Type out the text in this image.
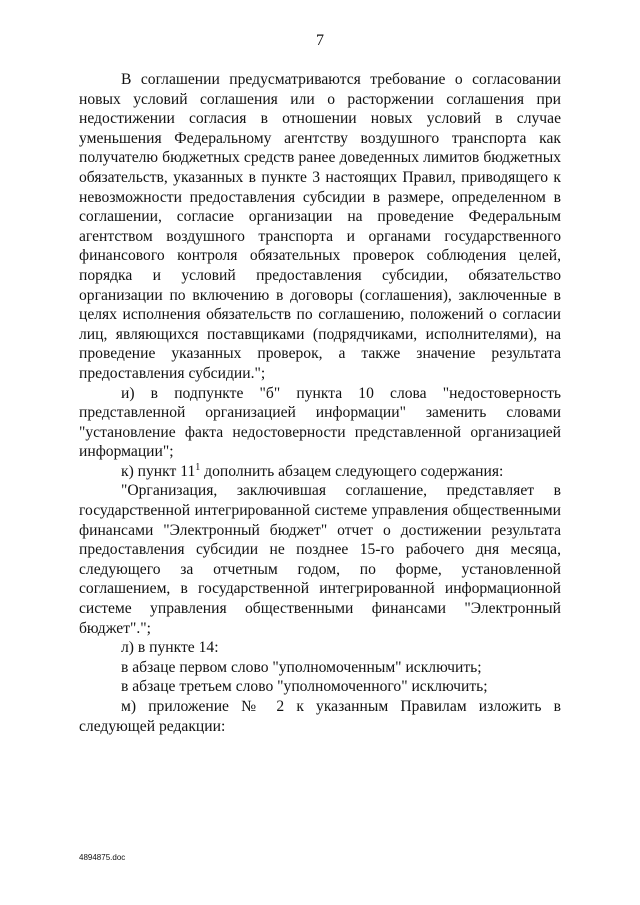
7

В соглашении предусматриваются требование о согласовании новых условий соглашения или о расторжении соглашения при недостижении согласия в отношении новых условий в случае уменьшения Федеральному агентству воздушного транспорта как получателю бюджетных средств ранее доведенных лимитов бюджетных обязательств, указанных в пункте 3 настоящих Правил, приводящего к невозможности предоставления субсидии в размере, определенном в соглашении, согласие организации на проведение Федеральным агентством воздушного транспорта и органами государственного финансового контроля обязательных проверок соблюдения целей, порядка и условий предоставления субсидии, обязательство организации по включению в договоры (соглашения), заключенные в целях исполнения обязательств по соглашению, положений о согласии лиц, являющихся поставщиками (подрядчиками, исполнителями), на проведение указанных проверок, а также значение результата предоставления субсидии.";

и) в подпункте "б" пункта 10 слова "недостоверность представленной организацией информации" заменить словами "установление факта недостоверности представленной организацией информации";

к) пункт $11^1$ дополнить абзацем следующего содержания:

"Организация, заключившая соглашение, представляет в государственной интегрированной системе управления общественными финансами "Электронный бюджет" отчет о достижении результата предоставления субсидии не позднее 15-го рабочего дня месяца, следующего за отчетным годом, по форме, установленной соглашением, в государственной интегрированной информационной системе управления общественными финансами "Электронный бюджет".";

л) в пункте 14:

в абзаце первом слово "уполномоченным" исключить;

в абзаце третьем слово "уполномоченного" исключить;

м) приложение № 2 к указанным Правилам изложить в следующей редакции:

4894875.doc
